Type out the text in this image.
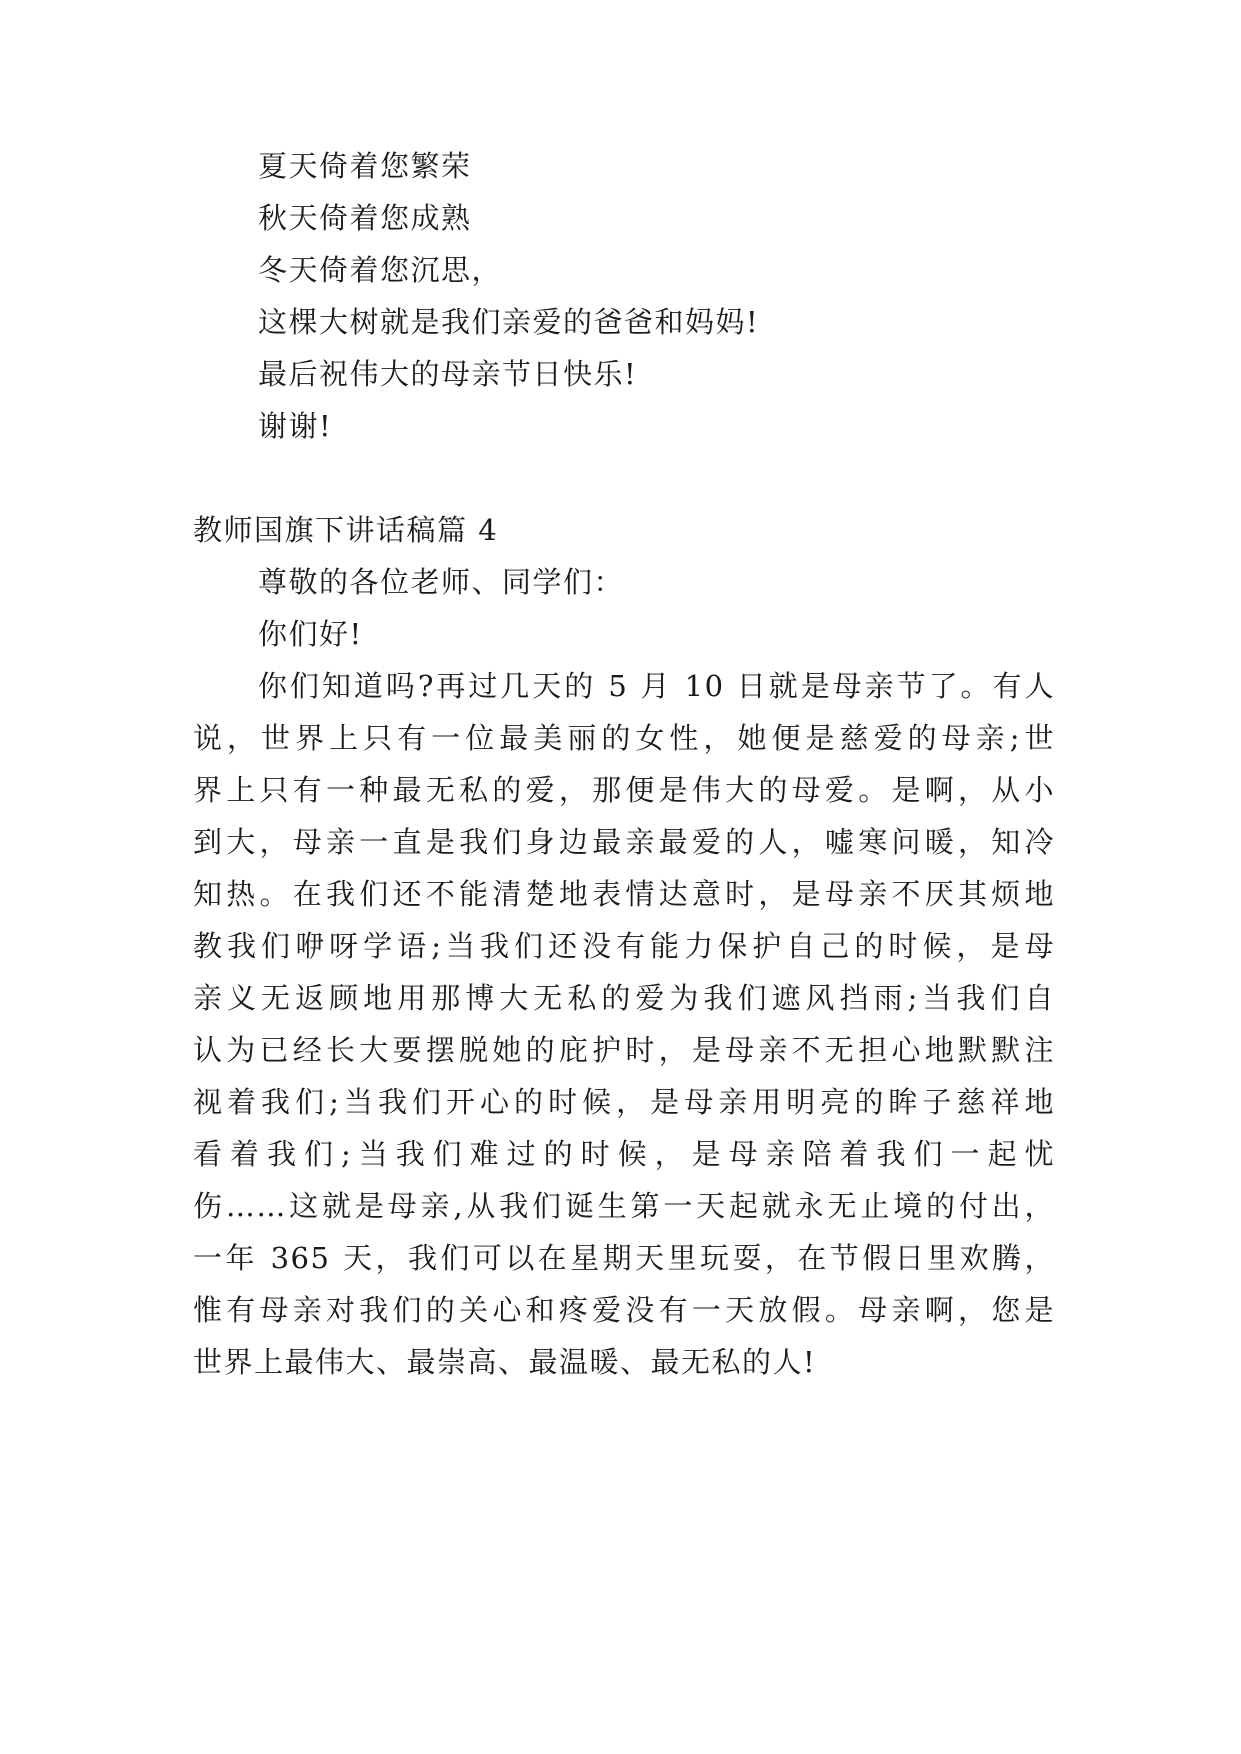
夏天倚着您繁荣
秋天倚着您成熟
冬天倚着您沉思，
这棵大树就是我们亲爱的爸爸和妈妈!
最后祝伟大的母亲节日快乐!
谢谢!
教师国旗下讲话稿篇 4
尊敬的各位老师、同学们：
你们好!
你们知道吗?再过几天的 5 月 10 日就是母亲节了。有人
说，世界上只有一位最美丽的女性，她便是慈爱的母亲;世
界上只有一种最无私的爱，那便是伟大的母爱。是啊，从小
到大，母亲一直是我们身边最亲最爱的人，嘘寒问暖，知冷
知热。在我们还不能清楚地表情达意时，是母亲不厌其烦地
教我们咿呀学语;当我们还没有能力保护自己的时候，是母
亲义无返顾地用那博大无私的爱为我们遮风挡雨;当我们自
认为已经长大要摆脱她的庇护时，是母亲不无担心地默默注
视着我们;当我们开心的时候，是母亲用明亮的眸子慈祥地
看着我们;当我们难过的时候，是母亲陪着我们一起忧
伤……这就是母亲,从我们诞生第一天起就永无止境的付出，
一年 365 天，我们可以在星期天里玩耍，在节假日里欢腾，
惟有母亲对我们的关心和疼爱没有一天放假。母亲啊，您是
世界上最伟大、最崇高、最温暖、最无私的人!
